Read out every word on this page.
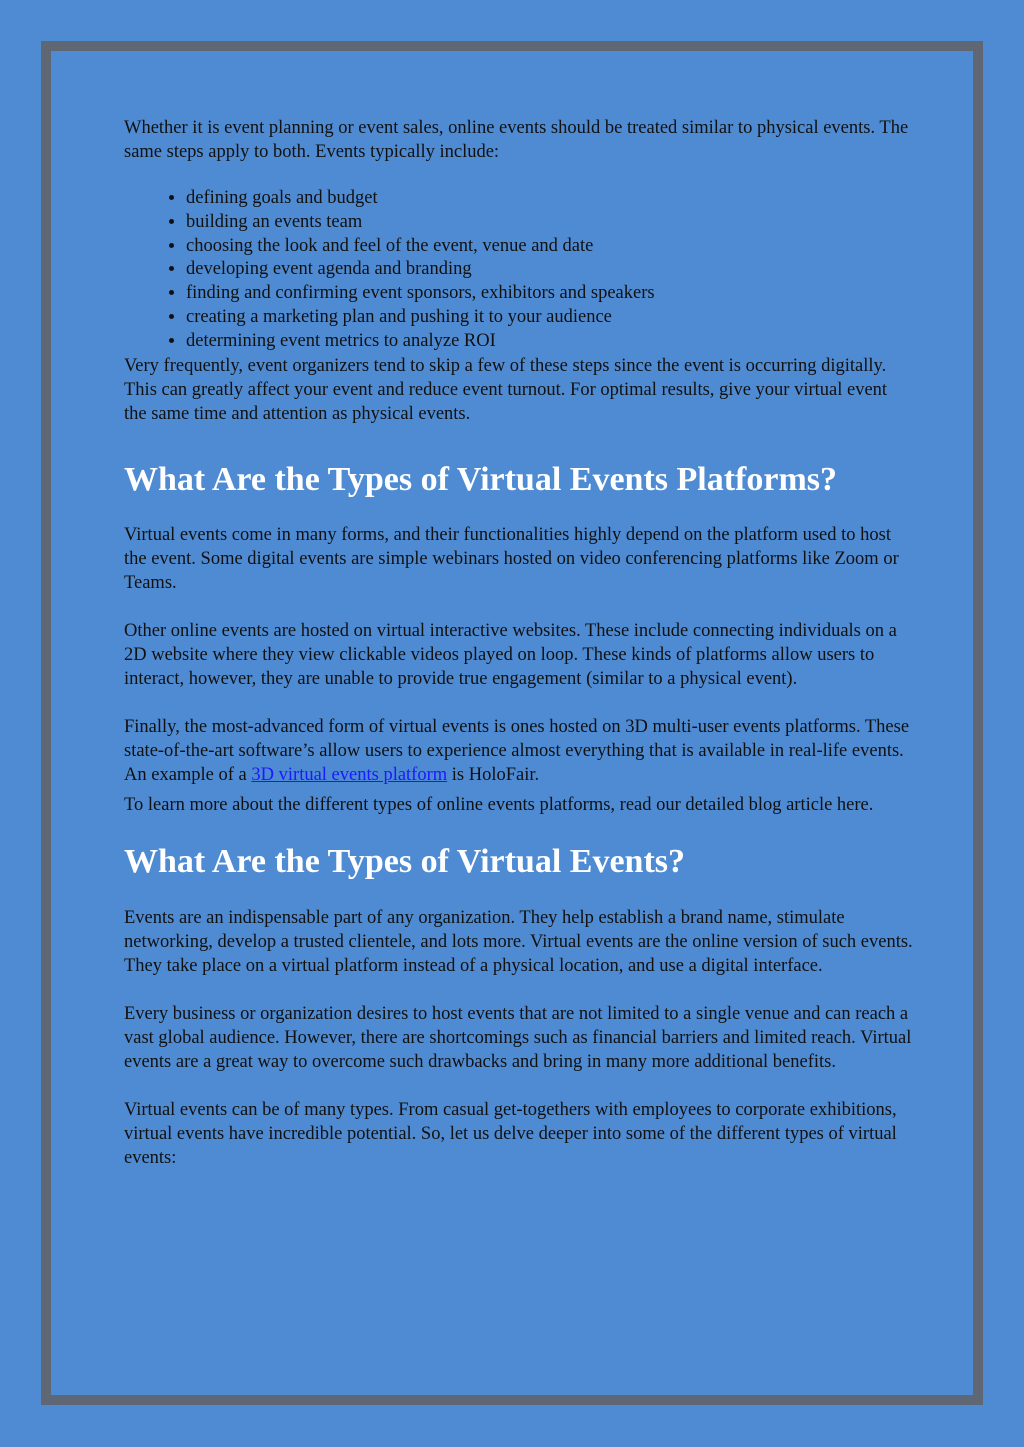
Whether it is event planning or event sales, online events should be treated similar to physical events. The same steps apply to both. Events typically include:

• defining goals and budget
• building an events team
• choosing the look and feel of the event, venue and date
• developing event agenda and branding
• finding and confirming event sponsors, exhibitors and speakers
• creating a marketing plan and pushing it to your audience
• determining event metrics to analyze ROI

Very frequently, event organizers tend to skip a few of these steps since the event is occurring digitally. This can greatly affect your event and reduce event turnout. For optimal results, give your virtual event the same time and attention as physical events.

What Are the Types of Virtual Events Platforms?

Virtual events come in many forms, and their functionalities highly depend on the platform used to host the event. Some digital events are simple webinars hosted on video conferencing platforms like Zoom or Teams.

Other online events are hosted on virtual interactive websites. These include connecting individuals on a 2D website where they view clickable videos played on loop. These kinds of platforms allow users to interact, however, they are unable to provide true engagement (similar to a physical event).

Finally, the most-advanced form of virtual events is ones hosted on 3D multi-user events platforms. These state-of-the-art software’s allow users to experience almost everything that is available in real-life events. An example of a 3D virtual events platform is HoloFair.

To learn more about the different types of online events platforms, read our detailed blog article here.

What Are the Types of Virtual Events?

Events are an indispensable part of any organization. They help establish a brand name, stimulate networking, develop a trusted clientele, and lots more. Virtual events are the online version of such events. They take place on a virtual platform instead of a physical location, and use a digital interface.

Every business or organization desires to host events that are not limited to a single venue and can reach a vast global audience. However, there are shortcomings such as financial barriers and limited reach. Virtual events are a great way to overcome such drawbacks and bring in many more additional benefits.

Virtual events can be of many types. From casual get-togethers with employees to corporate exhibitions, virtual events have incredible potential. So, let us delve deeper into some of the different types of virtual events:
